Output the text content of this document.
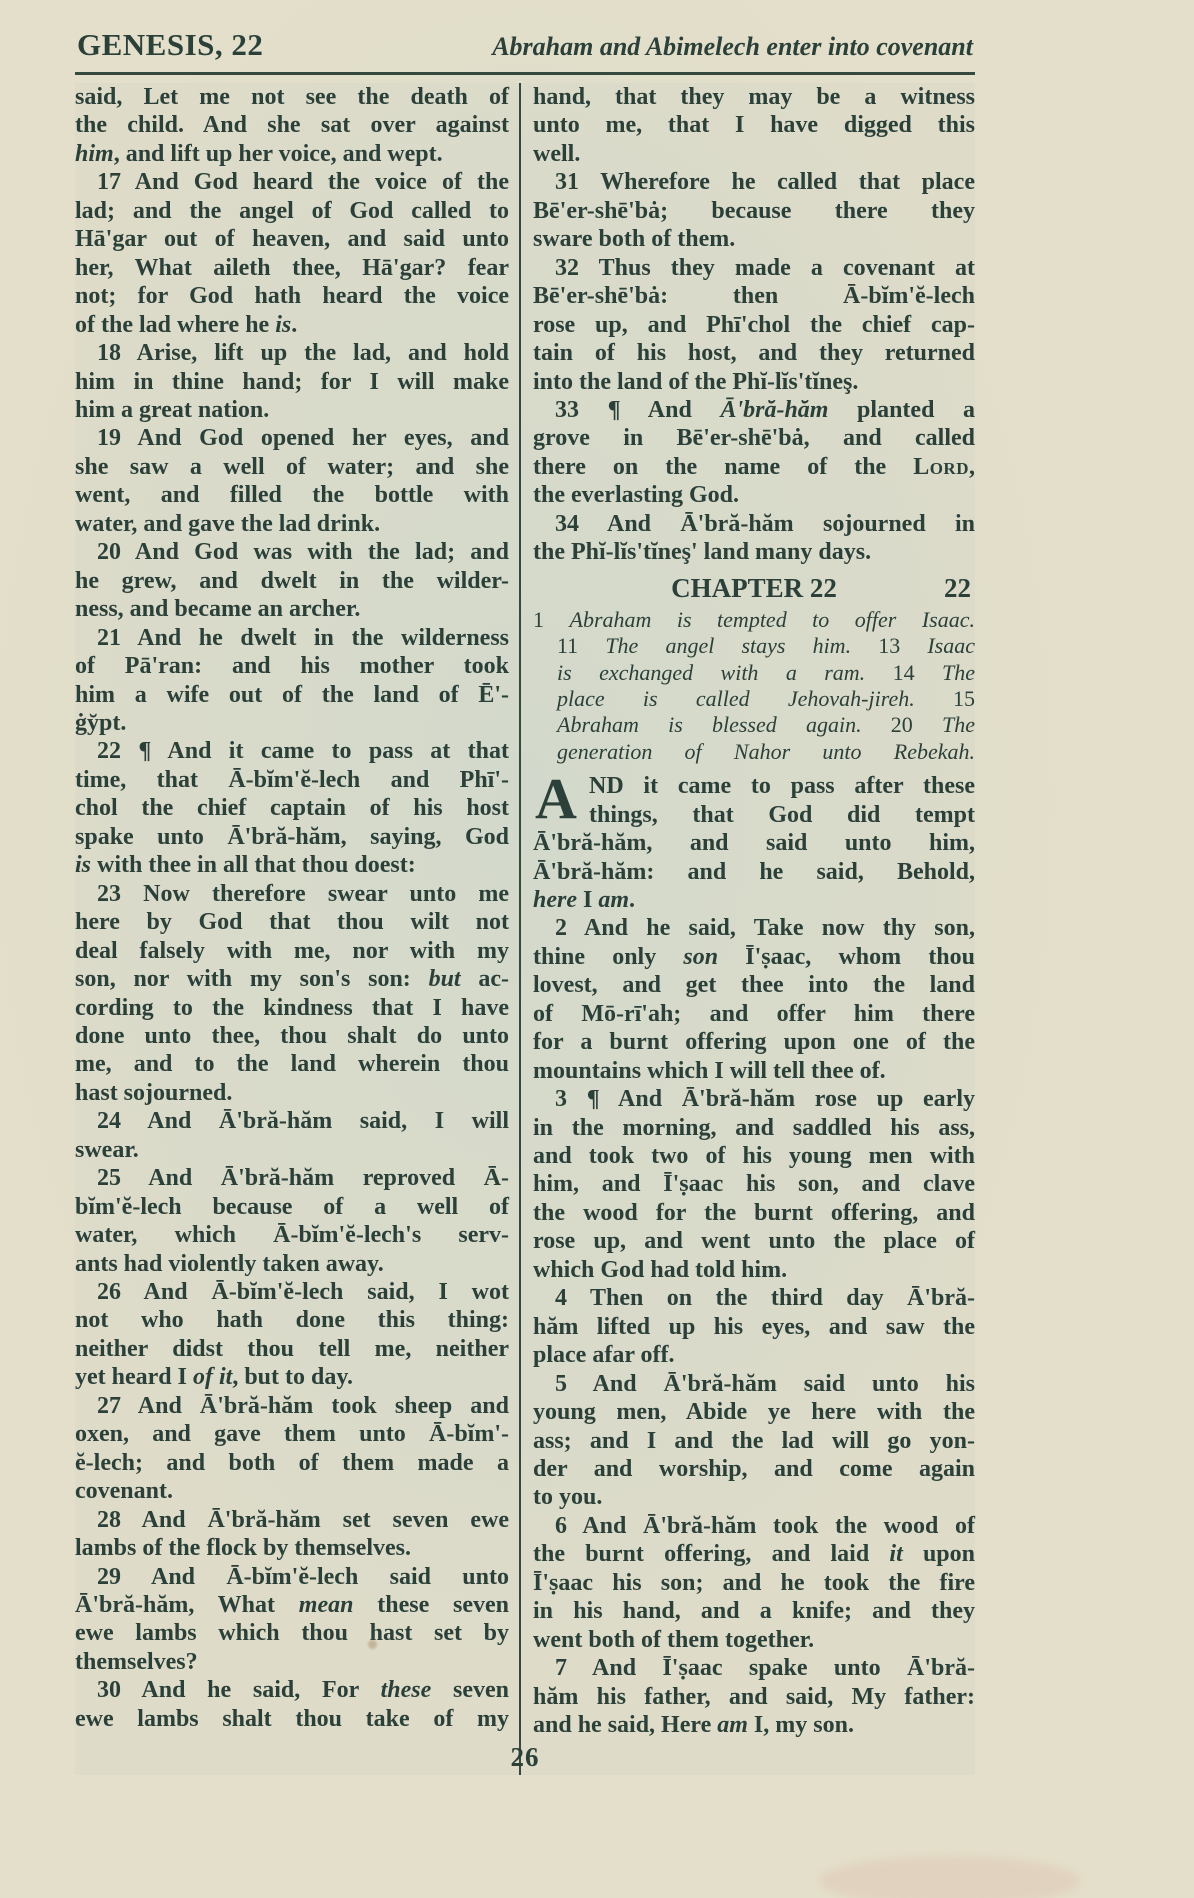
GENESIS, 22	Abraham and Abimelech enter into covenant
said, Let me not see the death of
the child. And she sat over against
him, and lift up her voice, and wept.
17 And God heard the voice of the
lad; and the angel of God called to
Hā'gar out of heaven, and said unto
her, What aileth thee, Hā'gar? fear
not; for God hath heard the voice
of the lad where he is.
18 Arise, lift up the lad, and hold
him in thine hand; for I will make
him a great nation.
19 And God opened her eyes, and
she saw a well of water; and she
went, and filled the bottle with
water, and gave the lad drink.
20 And God was with the lad; and
he grew, and dwelt in the wilder-
ness, and became an archer.
21 And he dwelt in the wilderness
of Pā'ran: and his mother took
him a wife out of the land of Ē'-
ġy̆pt.
22 ¶ And it came to pass at that
time, that Ā-bĭm'ĕ-lech and Phī'-
chol the chief captain of his host
spake unto Ā'bră-hăm, saying, God
is with thee in all that thou doest:
23 Now therefore swear unto me
here by God that thou wilt not
deal falsely with me, nor with my
son, nor with my son's son: but ac-
cording to the kindness that I have
done unto thee, thou shalt do unto
me, and to the land wherein thou
hast sojourned.
24 And Ā'bră-hăm said, I will
swear.
25 And Ā'bră-hăm reproved Ā-
bĭm'ĕ-lech because of a well of
water, which Ā-bĭm'ĕ-lech's serv-
ants had violently taken away.
26 And Ā-bĭm'ĕ-lech said, I wot
not who hath done this thing:
neither didst thou tell me, neither
yet heard I of it, but to day.
27 And Ā'bră-hăm took sheep and
oxen, and gave them unto Ā-bĭm'-
ĕ-lech; and both of them made a
covenant.
28 And Ā'bră-hăm set seven ewe
lambs of the flock by themselves.
29 And Ā-bĭm'ĕ-lech said unto
Ā'bră-hăm, What mean these seven
ewe lambs which thou hast set by
themselves?
30 And he said, For these seven
ewe lambs shalt thou take of my
hand, that they may be a witness
unto me, that I have digged this
well.
31 Wherefore he called that place
Bē'er-shē'bȧ; because there they
sware both of them.
32 Thus they made a covenant at
Bē'er-shē'bȧ: then Ā-bĭm'ĕ-lech
rose up, and Phī'chol the chief cap-
tain of his host, and they returned
into the land of the Phĭ-lĭs'tĭneş.
33 ¶ And Ā'bră-hăm planted a
grove in Bē'er-shē'bȧ, and called
there on the name of the Lord,
the everlasting God.
34 And Ā'bră-hăm sojourned in
the Phĭ-lĭs'tĭneş' land many days.
CHAPTER 22	22
1 Abraham is tempted to offer Isaac.
11 The angel stays him. 13 Isaac
is exchanged with a ram. 14 The
place is called Jehovah-jireh. 15
Abraham is blessed again. 20 The
generation of Nahor unto Rebekah.
A ND it came to pass after these
things, that God did tempt
Ā'bră-hăm, and said unto him,
Ā'bră-hăm: and he said, Behold,
here I am.
2 And he said, Take now thy son,
thine only son Ī'ṣaac, whom thou
lovest, and get thee into the land
of Mō-rī'ah; and offer him there
for a burnt offering upon one of the
mountains which I will tell thee of.
3 ¶ And Ā'bră-hăm rose up early
in the morning, and saddled his ass,
and took two of his young men with
him, and Ī'ṣaac his son, and clave
the wood for the burnt offering, and
rose up, and went unto the place of
which God had told him.
4 Then on the third day Ā'bră-
hăm lifted up his eyes, and saw the
place afar off.
5 And Ā'bră-hăm said unto his
young men, Abide ye here with the
ass; and I and the lad will go yon-
der and worship, and come again
to you.
6 And Ā'bră-hăm took the wood of
the burnt offering, and laid it upon
Ī'ṣaac his son; and he took the fire
in his hand, and a knife; and they
went both of them together.
7 And Ī'ṣaac spake unto Ā'bră-
hăm his father, and said, My father:
and he said, Here am I, my son.
26
